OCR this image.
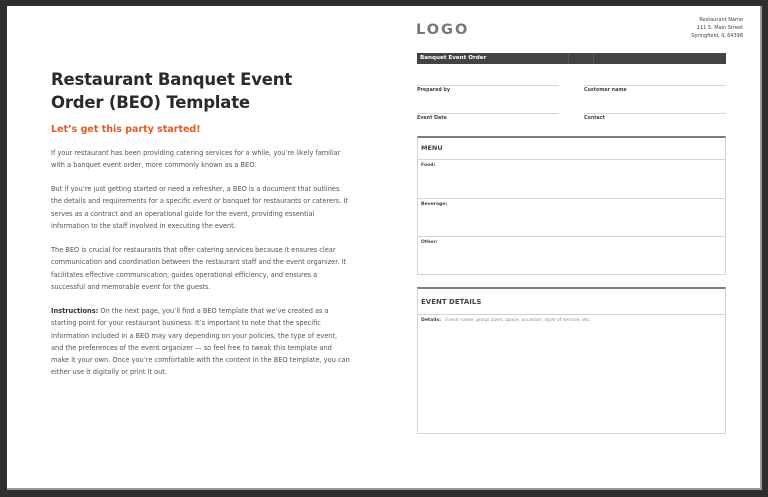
Restaurant Banquet Event
Order (BEO) Template
Let’s get this party started!

If your restaurant has been providing catering services for a while, you’re likely familiar with a banquet event order, more commonly known as a BEO.

But if you’re just getting started or need a refresher, a BEO is a document that outlines the details and requirements for a specific event or banquet for restaurants or caterers. It serves as a contract and an operational guide for the event, providing essential information to the staff involved in executing the event.

The BEO is crucial for restaurants that offer catering services because it ensures clear communication and coordination between the restaurant staff and the event organizer. It facilitates effective communication, guides operational efficiency, and ensures a successful and memorable event for the guests.

Instructions: On the next page, you’ll find a BEO template that we’ve created as a starting point for your restaurant business. It’s important to note that the specific information included in a BEO may vary depending on your policies, the type of event, and the preferences of the event organizer — so feel free to tweak this template and make it your own. Once you’re comfortable with the content in the BEO template, you can either use it digitally or print it out.

LOGO
Restaurant Name
111 S. Main Street
Springfield, IL 64398
Banquet Event Order
Prepared by	Customer name
Event Date	Contact
MENU
Food:
Beverage:
Other:
EVENT DETAILS
Details: Event name, group sizes, space, occasion, style of service, etc.
